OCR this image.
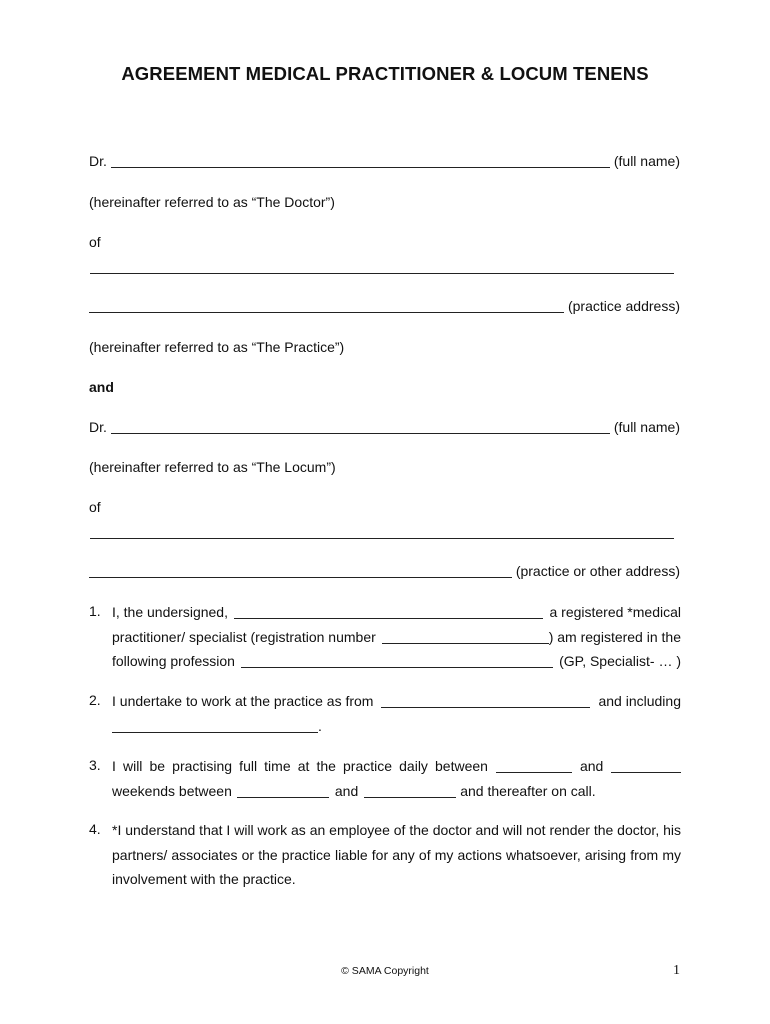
AGREEMENT MEDICAL PRACTITIONER & LOCUM TENENS
Dr.	(full name)
(hereinafter referred to as “The Doctor”)
of
(practice address)
(hereinafter referred to as “The Practice”)
and
Dr.	(full name)
(hereinafter referred to as “The Locum”)
of
(practice or other address)
1. I, the undersigned,	a registered *medical
practitioner/ specialist (registration number	) am registered in the
following profession	(GP, Specialist- … )
2. I undertake to work at the practice as from	and including
.
3. I will be practising full time at the practice daily between	and
weekends between	and	and thereafter on call.
4. *I understand that I will work as an employee of the doctor and will not render the doctor, his partners/ associates or the practice liable for any of my actions whatsoever, arising from my involvement with the practice.
© SAMA Copyright	1
